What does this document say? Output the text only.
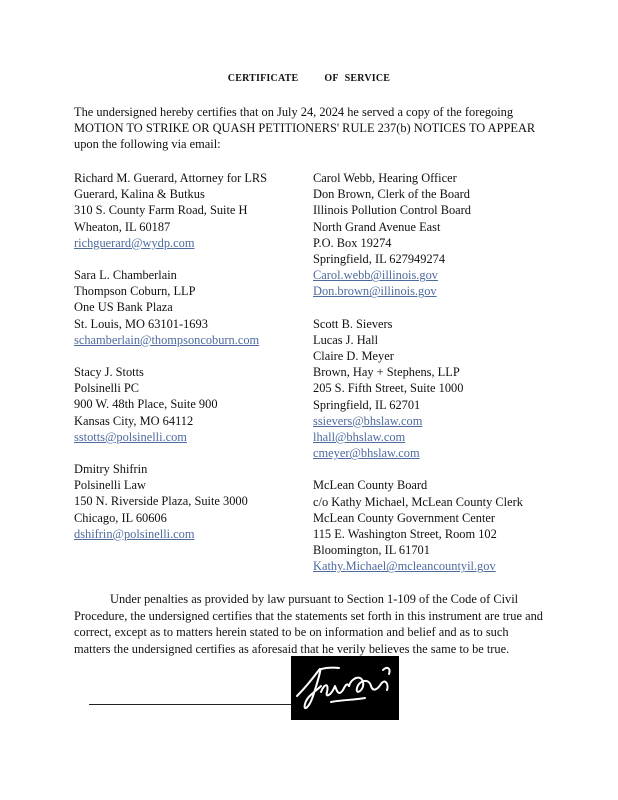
CERTIFICATE	OF SERVICE
The undersigned hereby certifies that on July 24, 2024 he served a copy of the foregoing MOTION TO STRIKE OR QUASH PETITIONERS' RULE 237(b) NOTICES TO APPEAR upon the following via email:
Richard M. Guerard, Attorney for LRS
Guerard, Kalina & Butkus
310 S. County Farm Road, Suite H
Wheaton, IL 60187
richguerard@wydp.com
Sara L. Chamberlain
Thompson Coburn, LLP
One US Bank Plaza
St. Louis, MO 63101-1693
schamberlain@thompsoncoburn.com
Stacy J. Stotts
Polsinelli PC
900 W. 48th Place, Suite 900
Kansas City, MO 64112
sstotts@polsinelli.com
Dmitry Shifrin
Polsinelli Law
150 N. Riverside Plaza, Suite 3000
Chicago, IL 60606
dshifrin@polsinelli.com
Carol Webb, Hearing Officer
Don Brown, Clerk of the Board
Illinois Pollution Control Board
North Grand Avenue East
P.O. Box 19274
Springfield, IL 627949274
Carol.webb@illinois.gov
Don.brown@illinois.gov
Scott B. Sievers
Lucas J. Hall
Claire D. Meyer
Brown, Hay + Stephens, LLP
205 S. Fifth Street, Suite 1000
Springfield, IL 62701
ssievers@bhslaw.com
lhall@bhslaw.com
cmeyer@bhslaw.com
McLean County Board
c/o Kathy Michael, McLean County Clerk
McLean County Government Center
115 E. Washington Street, Room 102
Bloomington, IL 61701
Kathy.Michael@mcleancountyil.gov
Under penalties as provided by law pursuant to Section 1-109 of the Code of Civil Procedure, the undersigned certifies that the statements set forth in this instrument are true and correct, except as to matters herein stated to be on information and belief and as to such matters the undersigned certifies as aforesaid that he verily believes the same to be true.
